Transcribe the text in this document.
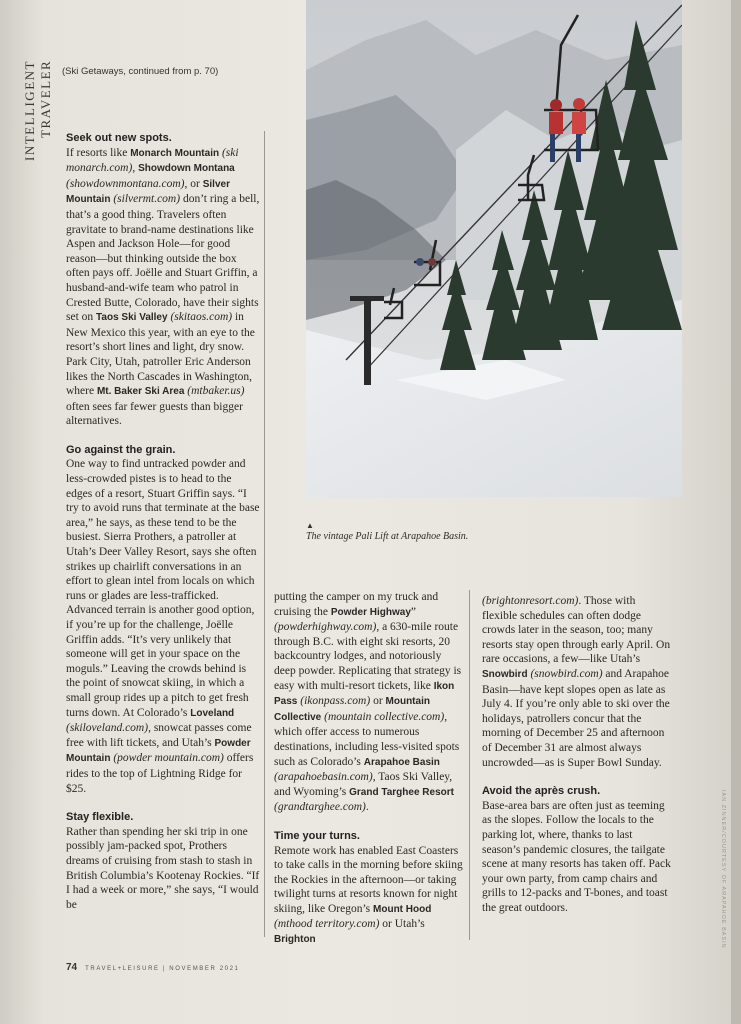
INTELLIGENT TRAVELER (Ski Getaways, continued from p. 70)
IAN ZINNER/COURTESY OF ARAPAHOE BASIN
▲
The vintage Pali Lift at Arapahoe Basin.

Seek out new spots.

If resorts like Monarch Mountain (ski monarch.com), Showdown Montana (showdownmontana.com), or Silver Mountain (silvermt.com) don’t ring a bell, that’s a good thing. Travelers often gravitate to brand-name destinations like Aspen and Jackson Hole—for good reason—but thinking outside the box often pays off. Joëlle and Stuart Griffin, a husband-and-wife team who patrol in Crested Butte, Colorado, have their sights set on Taos Ski Valley (skitaos.com) in New Mexico this year, with an eye to the resort’s short lines and light, dry snow. Park City, Utah, patroller Eric Anderson likes the North Cascades in Washington, where Mt. Baker Ski Area (mtbaker.us) often sees far fewer guests than bigger alternatives.

Go against the grain.

One way to find untracked powder and less-crowded pistes is to head to the edges of a resort, Stuart Griffin says. “I try to avoid runs that terminate at the base area,” he says, as these tend to be the busiest. Sierra Prothers, a patroller at Utah’s Deer Valley Resort, says she often strikes up chairlift conversations in an effort to glean intel from locals on which runs or glades are less-trafficked. Advanced terrain is another good option, if you’re up for the challenge, Joëlle Griffin adds. “It’s very unlikely that someone will get in your space on the moguls.” Leaving the crowds behind is the point of snowcat skiing, in which a small group rides up a pitch to get fresh turns down. At Colorado’s Loveland (skiloveland.com), snowcat passes come free with lift tickets, and Utah’s Powder Mountain (powder mountain.com) offers rides to the top of Lightning Ridge for $25.

Stay flexible.

Rather than spending her ski trip in one possibly jam-packed spot, Prothers dreams of cruising from stash to stash in British Columbia’s Kootenay Rockies. “If I had a week or more,” she says, “I would be

putting the camper on my truck and cruising the Powder Highway” (powderhighway.com), a 630-mile route through B.C. with eight ski resorts, 20 backcountry lodges, and notoriously deep powder. Replicating that strategy is easy with multi-resort tickets, like Ikon Pass (ikonpass.com) or Mountain Collective (mountain collective.com), which offer access to numerous destinations, including less-visited spots such as Colorado’s Arapahoe Basin (arapahoebasin.com), Taos Ski Valley, and Wyoming’s Grand Targhee Resort (grandtarghee.com).

Time your turns.

Remote work has enabled East Coasters to take calls in the morning before skiing the Rockies in the afternoon—or taking twilight turns at resorts known for night skiing, like Oregon’s Mount Hood (mthood territory.com) or Utah’s Brighton

(brightonresort.com). Those with flexible schedules can often dodge crowds later in the season, too; many resorts stay open through early April. On rare occasions, a few—like Utah’s Snowbird (snowbird.com) and Arapahoe Basin—have kept slopes open as late as July 4. If you’re only able to ski over the holidays, patrollers concur that the morning of December 25 and afternoon of December 31 are almost always uncrowded—as is Super Bowl Sunday.

Avoid the après crush.

Base-area bars are often just as teeming as the slopes. Follow the locals to the parking lot, where, thanks to last season’s pandemic closures, the tailgate scene at many resorts has taken off. Pack your own party, from camp chairs and grills to 12-packs and T-bones, and toast the great outdoors.

74 TRAVEL+LEISURE | NOVEMBER 2021
